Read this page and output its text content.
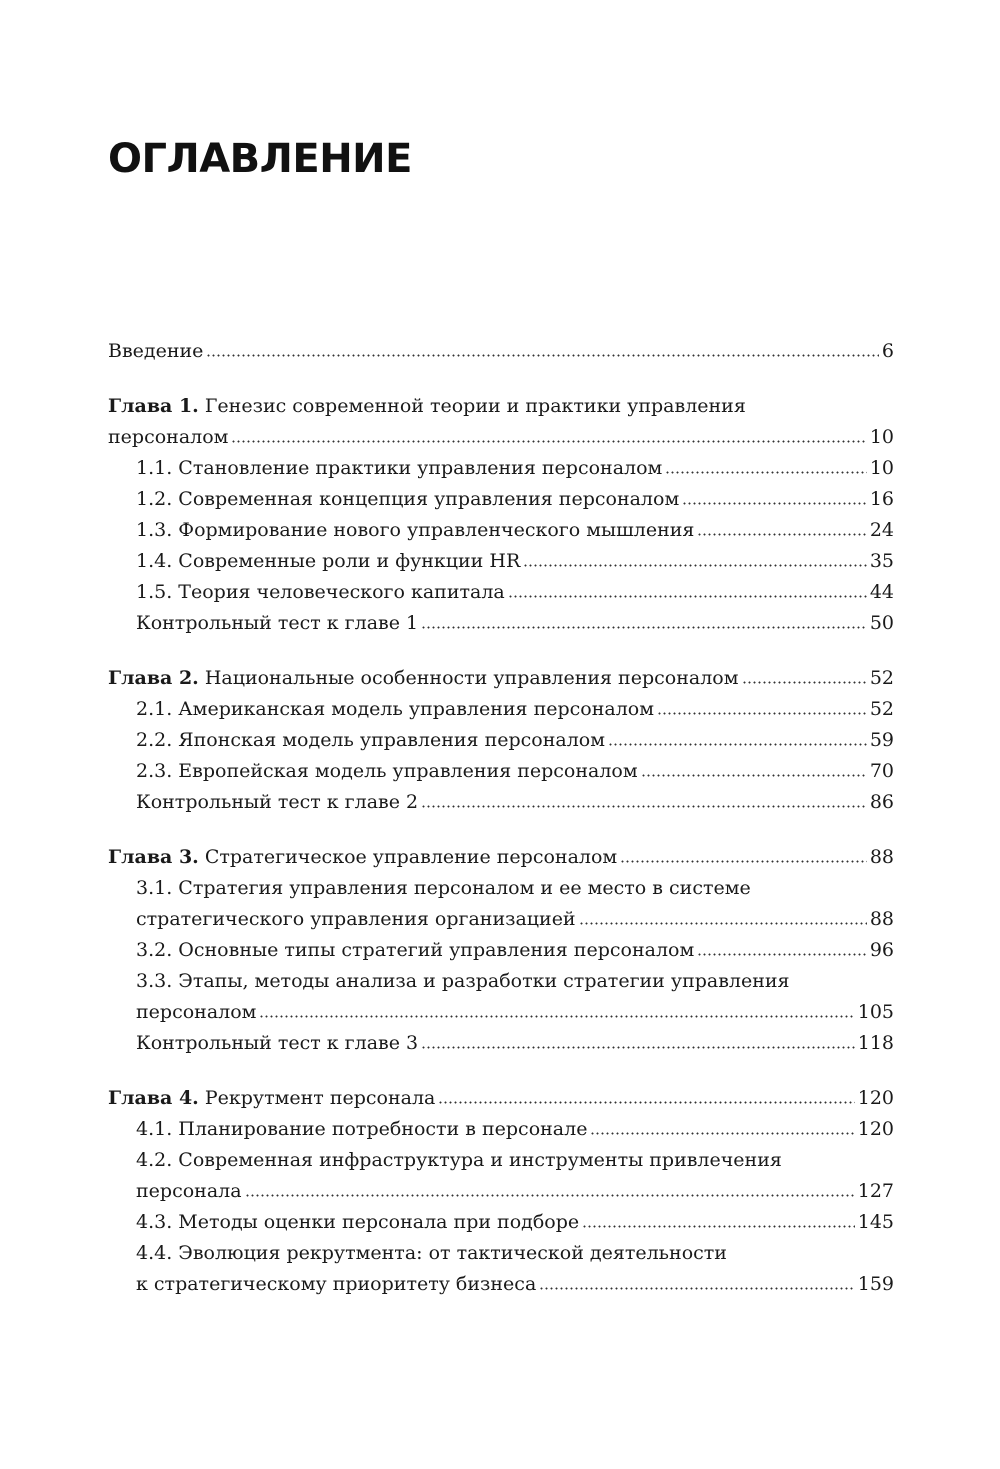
ОГЛАВЛЕНИЕ
Введение	6
Глава 1. Генезис современной теории и практики управления
персоналом	10
1.1. Становление практики управления персоналом	10
1.2. Современная концепция управления персоналом	16
1.3. Формирование нового управленческого мышления	24
1.4. Современные роли и функции HR	35
1.5. Теория человеческого капитала	44
Контрольный тест к главе 1	50
Глава 2. Национальные особенности управления персоналом	52
2.1. Американская модель управления персоналом	52
2.2. Японская модель управления персоналом	59
2.3. Европейская модель управления персоналом	70
Контрольный тест к главе 2	86
Глава 3. Стратегическое управление персоналом	88
3.1. Стратегия управления персоналом и ее место в системе
стратегического управления организацией	88
3.2. Основные типы стратегий управления персоналом	96
3.3. Этапы, методы анализа и разработки стратегии управления
персоналом	105
Контрольный тест к главе 3	118
Глава 4. Рекрутмент персонала	120
4.1. Планирование потребности в персонале	120
4.2. Современная инфраструктура и инструменты привлечения
персонала	127
4.3. Методы оценки персонала при подборе	145
4.4. Эволюция рекрутмента: от тактической деятельности
к стратегическому приоритету бизнеса	159
